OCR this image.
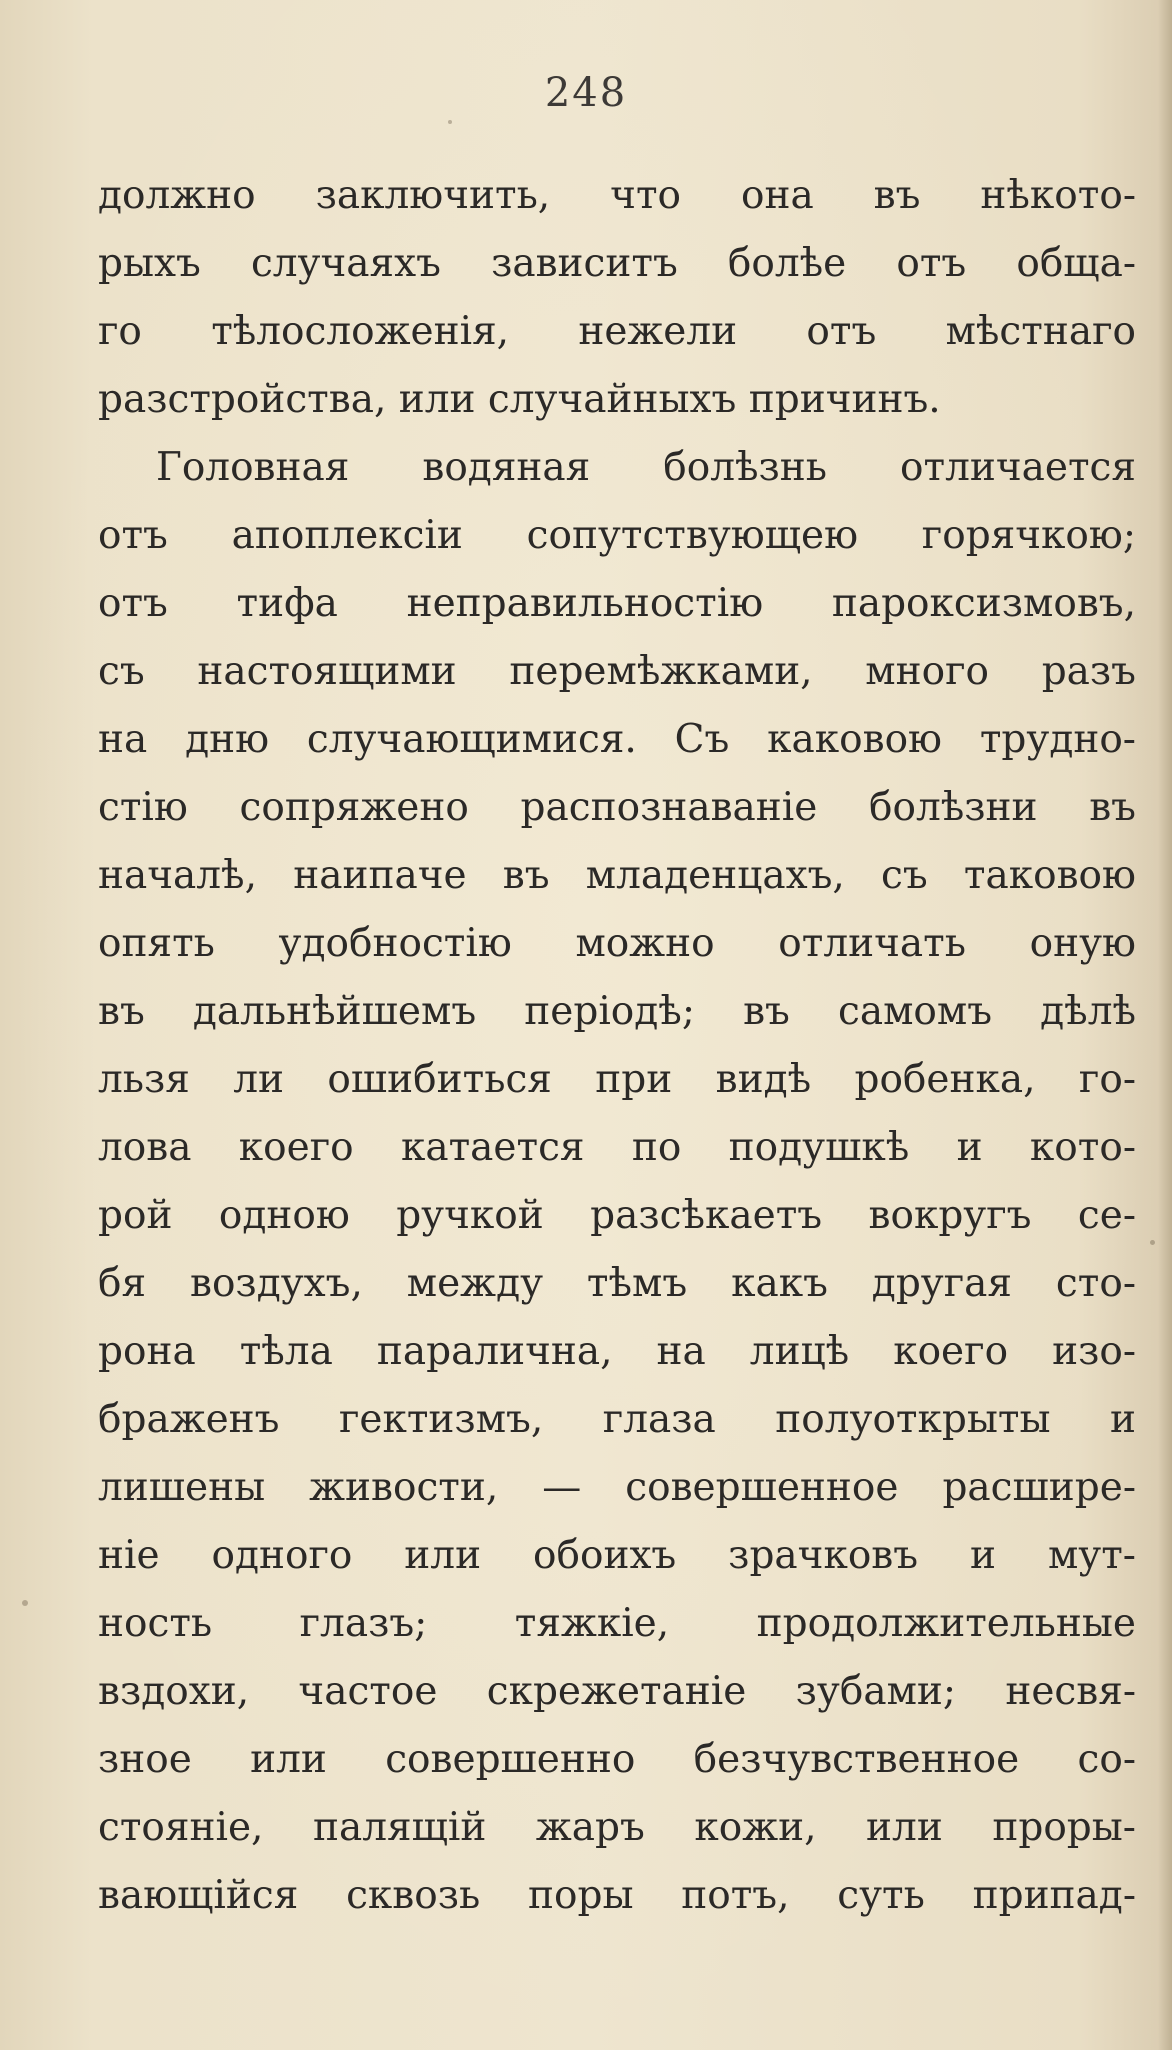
248
должно заключить, что она въ нѣкото-
рыхъ случаяхъ зависитъ болѣе отъ обща-
го тѣлосложенія, нежели отъ мѣстнаго
разстройства, или случайныхъ причинъ.
Головная водяная болѣзнь отличается
отъ апоплексіи сопутствующею горячкою;
отъ тифа неправильностію пароксизмовъ,
съ настоящими перемѣжками, много разъ
на дню случающимися. Съ каковою трудно-
стію сопряжено распознаваніе болѣзни въ
началѣ, наипаче въ младенцахъ, съ таковою
опять удобностію можно отличать оную
въ дальнѣйшемъ періодѣ; въ самомъ дѣлѣ
льзя ли ошибиться при видѣ робенка, го-
лова коего катается по подушкѣ и кото-
рой одною ручкой разсѣкаетъ вокругъ се-
бя воздухъ, между тѣмъ какъ другая сто-
рона тѣла паралична, на лицѣ коего изо-
браженъ гектизмъ, глаза полуоткрыты и
лишены живости, — совершенное расшире-
ніе одного или обоихъ зрачковъ и мут-
ность глазъ; тяжкіе, продолжительные
вздохи, частое скрежетаніе зубами; несвя-
зное или совершенно безчувственное со-
стояніе, палящій жаръ кожи, или проры-
вающійся сквозь поры потъ, суть припад-
